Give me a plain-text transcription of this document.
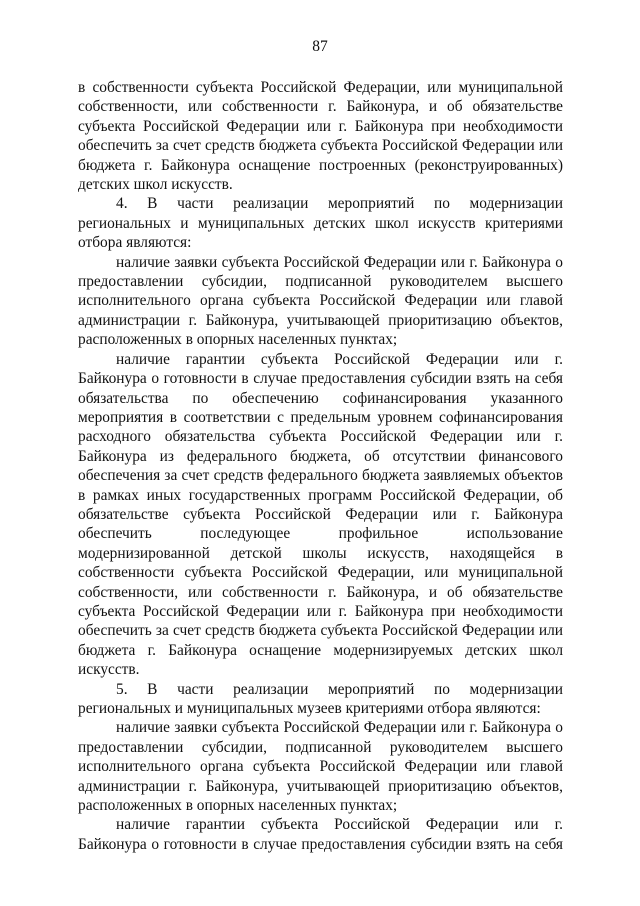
87

в собственности субъекта Российской Федерации, или муниципальной собственности, или собственности г. Байконура, и об обязательстве субъекта Российской Федерации или г. Байконура при необходимости обеспечить за счет средств бюджета субъекта Российской Федерации или бюджета г. Байконура оснащение построенных (реконструированных) детских школ искусств.

4. В части реализации мероприятий по модернизации региональных и муниципальных детских школ искусств критериями отбора являются:

наличие заявки субъекта Российской Федерации или г. Байконура о предоставлении субсидии, подписанной руководителем высшего исполнительного органа субъекта Российской Федерации или главой администрации г. Байконура, учитывающей приоритизацию объектов, расположенных в опорных населенных пунктах;

наличие гарантии субъекта Российской Федерации или г. Байконура о готовности в случае предоставления субсидии взять на себя обязательства по обеспечению софинансирования указанного мероприятия в соответствии с предельным уровнем софинансирования расходного обязательства субъекта Российской Федерации или г. Байконура из федерального бюджета, об отсутствии финансового обеспечения за счет средств федерального бюджета заявляемых объектов в рамках иных государственных программ Российской Федерации, об обязательстве субъекта Российской Федерации или г. Байконура обеспечить последующее профильное использование модернизированной детской школы искусств, находящейся в собственности субъекта Российской Федерации, или муниципальной собственности, или собственности г. Байконура, и об обязательстве субъекта Российской Федерации или г. Байконура при необходимости обеспечить за счет средств бюджета субъекта Российской Федерации или бюджета г. Байконура оснащение модернизируемых детских школ искусств.

5. В части реализации мероприятий по модернизации региональных и муниципальных музеев критериями отбора являются:

наличие заявки субъекта Российской Федерации или г. Байконура о предоставлении субсидии, подписанной руководителем высшего исполнительного органа субъекта Российской Федерации или главой администрации г. Байконура, учитывающей приоритизацию объектов, расположенных в опорных населенных пунктах;

наличие гарантии субъекта Российской Федерации или г. Байконура о готовности в случае предоставления субсидии взять на себя
